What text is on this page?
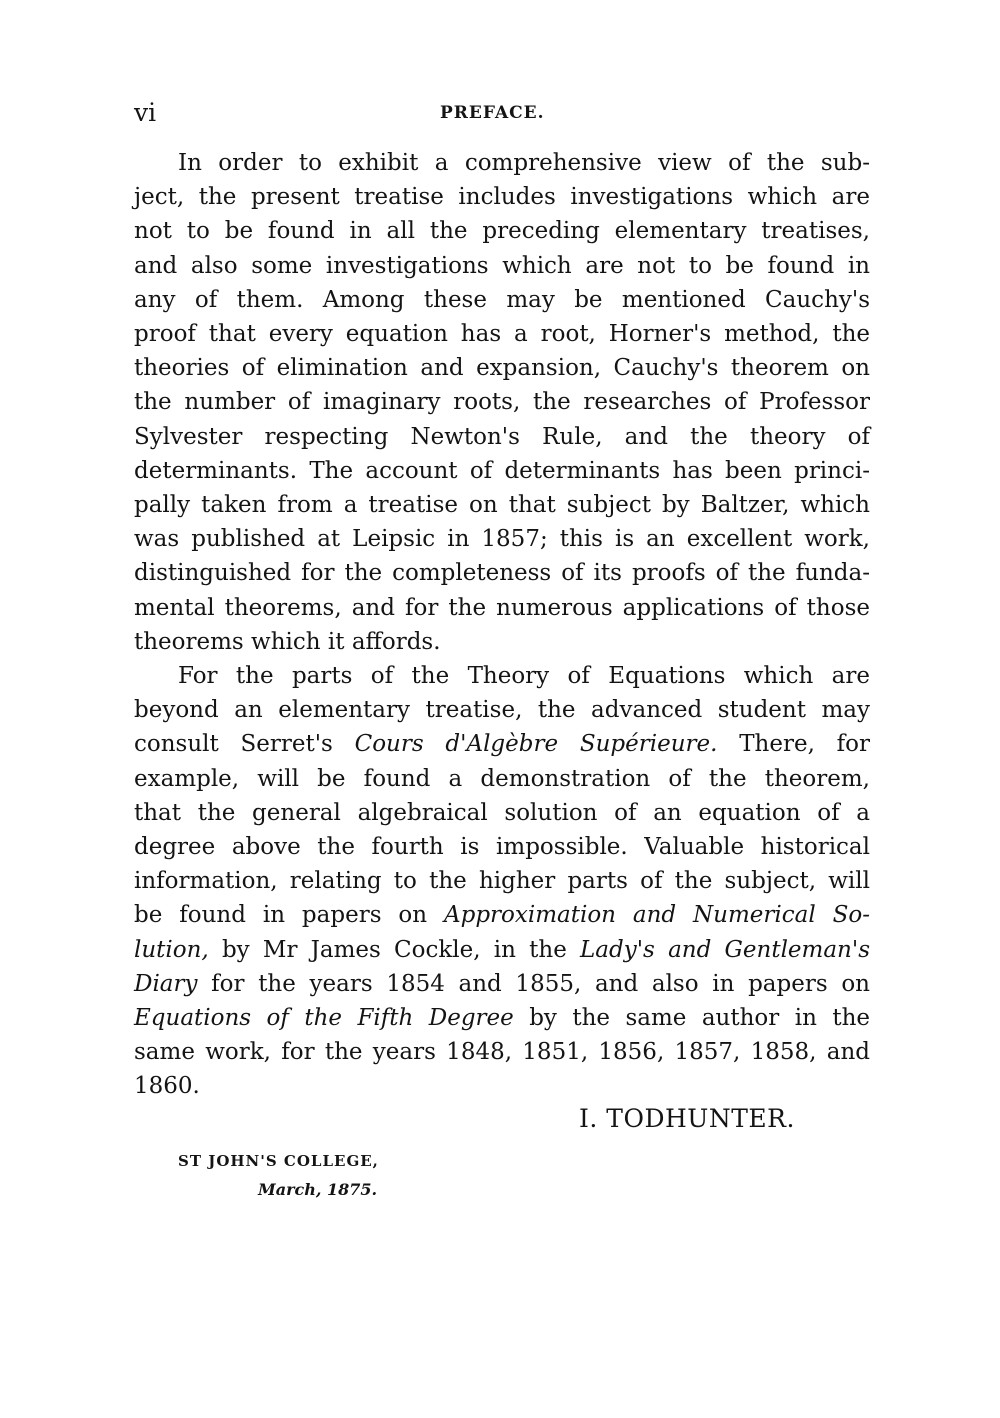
vi	PREFACE.

In order to exhibit a comprehensive view of the sub-
ject, the present treatise includes investigations which are
not to be found in all the preceding elementary treatises,
and also some investigations which are not to be found in
any of them. Among these may be mentioned Cauchy's
proof that every equation has a root, Horner's method, the
theories of elimination and expansion, Cauchy's theorem on
the number of imaginary roots, the researches of Professor
Sylvester respecting Newton's Rule, and the theory of
determinants. The account of determinants has been princi-
pally taken from a treatise on that subject by Baltzer, which
was published at Leipsic in 1857; this is an excellent work,
distinguished for the completeness of its proofs of the funda-
mental theorems, and for the numerous applications of those
theorems which it affords.

For the parts of the Theory of Equations which are
beyond an elementary treatise, the advanced student may
consult Serret's Cours d'Algèbre Supérieure. There, for
example, will be found a demonstration of the theorem,
that the general algebraical solution of an equation of a
degree above the fourth is impossible. Valuable historical
information, relating to the higher parts of the subject, will
be found in papers on Approximation and Numerical So-
lution, by Mr James Cockle, in the Lady's and Gentleman's
Diary for the years 1854 and 1855, and also in papers on
Equations of the Fifth Degree by the same author in the
same work, for the years 1848, 1851, 1856, 1857, 1858, and
1860.

I. TODHUNTER.
ST JOHN'S COLLEGE,
March, 1875.
